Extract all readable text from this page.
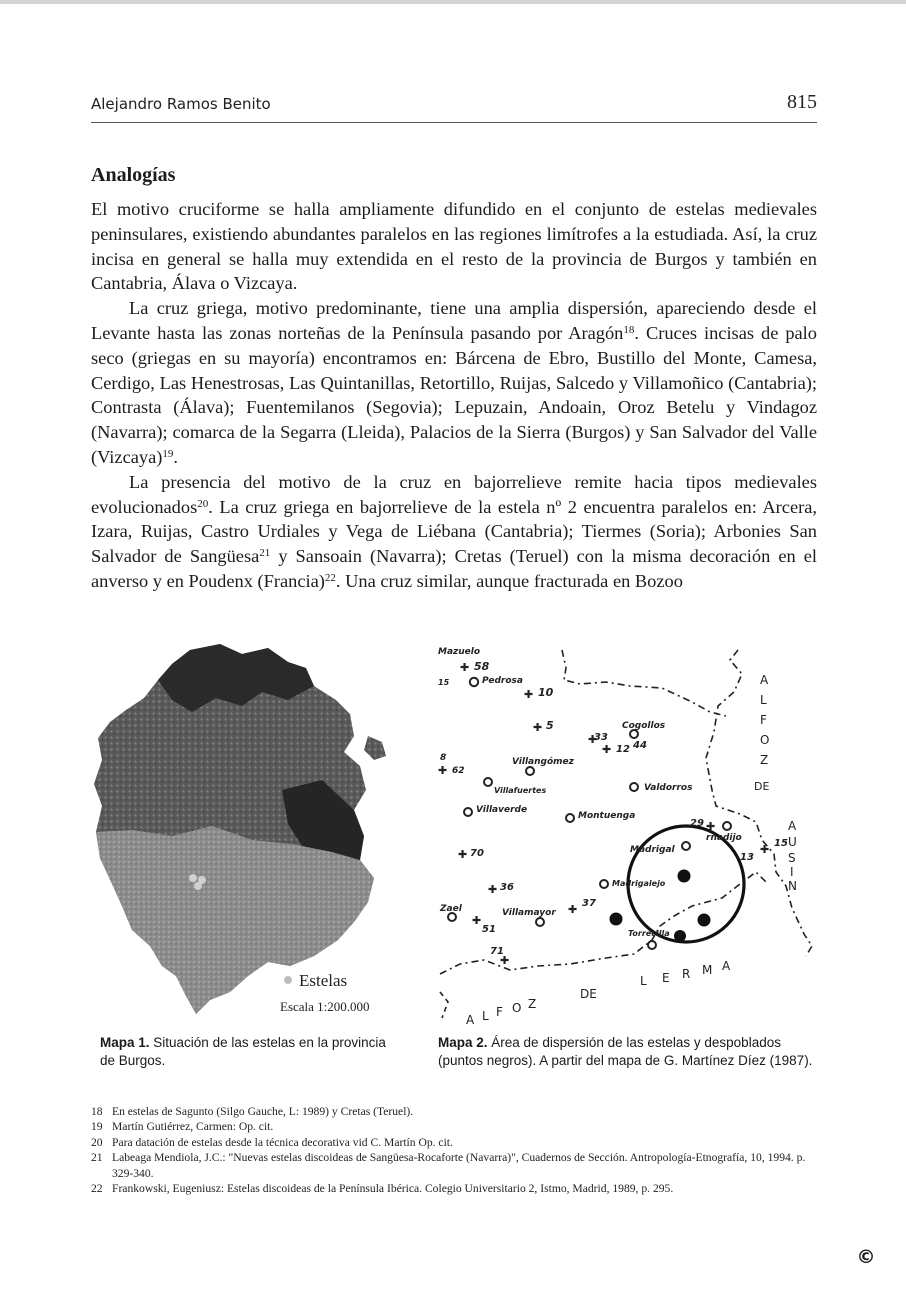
Alejandro Ramos Benito	815
Analogías

El motivo cruciforme se halla ampliamente difundido en el conjunto de estelas medievales peninsulares, existiendo abundantes paralelos en las regiones limítrofes a la estudiada. Así, la cruz incisa en general se halla muy extendida en el resto de la provincia de Burgos y también en Cantabria, Álava o Vizcaya.

La cruz griega, motivo predominante, tiene una amplia dispersión, apareciendo desde el Levante hasta las zonas norteñas de la Península pasando por Aragón$^{18}$. Cruces incisas de palo seco (griegas en su mayoría) encontramos en: Bárcena de Ebro, Bustillo del Monte, Camesa, Cerdigo, Las Henestrosas, Las Quintanillas, Retortillo, Ruijas, Salcedo y Villamoñico (Cantabria); Contrasta (Álava); Fuentemilanos (Segovia); Lepuzain, Andoain, Oroz Betelu y Vindagoz (Navarra); comarca de la Segarra (Lleida), Palacios de la Sierra (Burgos) y San Salvador del Valle (Vizcaya)$^{19}$.

La presencia del motivo de la cruz en bajorrelieve remite hacia tipos medievales evolucionados$^{20}$. La cruz griega en bajorrelieve de la estela nº 2 encuentra paralelos en: Arcera, Izara, Ruijas, Castro Urdiales y Vega de Liébana (Cantabria); Tiermes (Soria); Arbonies San Salvador de Sangüesa$^{21}$ y Sansoain (Navarra); Cretas (Teruel) con la misma decoración en el anverso y en Poudenx (Francia)$^{22}$. Una cruz similar, aunque fracturada en Bozoo

Estelas
Escala 1:200.000
Mazuelo
✚ 58
15	Pedrosa
✚ 10
✚ 5	Cogollos
✚
33
✚ 12 44
8
✚ 62
Villangómez
Villafuertes	Valdorros
Villaverde
Montuenga
29 ✚
rnadijo
✚ 15
13
Madrigal
✚ 70
Madrigalejo
✚ 36
Zael
✚
51
Villamayor ✚ 37
Torrecilla
71
✚
A
L
F
O
Z
DE
A
U
S
I
N
L E R M A
DE
A L F O Z
Mapa 1. Situación de las estelas en la provincia de Burgos.
Mapa 2. Área de dispersión de las estelas y despoblados (puntos negros). A partir del mapa de G. Martínez Díez (1987).

18 En estelas de Sagunto (Silgo Gauche, L: 1989) y Cretas (Teruel).

19 Martín Gutiérrez, Carmen: Op. cit.

20 Para datación de estelas desde la técnica decorativa vid C. Martín Op. cit.

21 Labeaga Mendiola, J.C.: "Nuevas estelas discoideas de Sangüesa-Rocaforte (Navarra)", Cuadernos de Sección. Antropología-Etnografía, 10, 1994. p. 329-340.

22 Frankowski, Eugeniusz: Estelas discoideas de la Península Ibérica. Colegio Universitario 2, Istmo, Madrid, 1989, p. 295.

©
